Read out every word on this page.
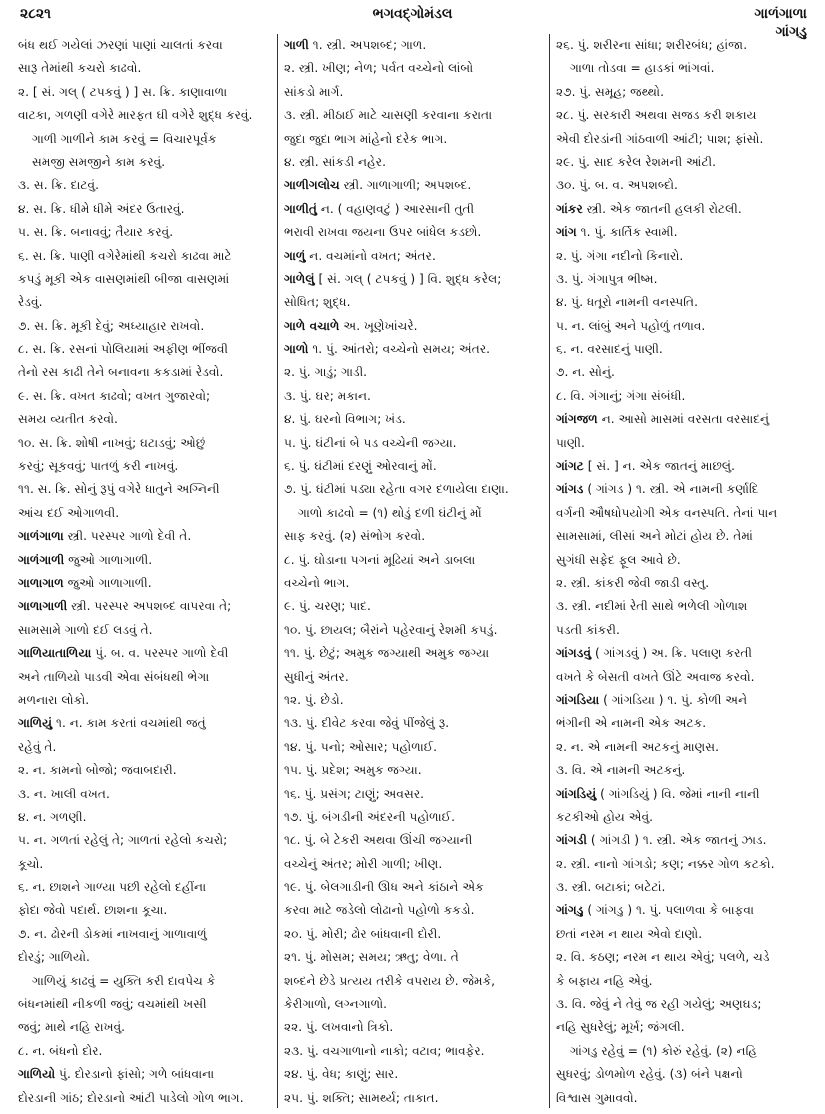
૨૮૨૧	ભગવદ્ગોમંડલ	ગાળંગાળા
ગાંગડુ
બંધ થઈ ગયેલાં ઝરણાં પાણાં ચાલતાં કરવા
સારૂ તેમાંથી કચરો કાઢવો.
૨. [ સં. ગલ્ ( ટપકવું ) ] સ. ક્રિ. કાણાવાળા
વાટકા, ગળણી વગેરે મારફત ઘી વગેરે શુદ્ધ કરવું.
ગાળી ગાળીને કામ કરવું = વિચારપૂર્વક
સમજી સમજીને કામ કરવું.
૩. સ. ક્રિ. દાટવું.
૪. સ. ક્રિ. ધીમે ધીમે અંદર ઉતારવું.
૫. સ. ક્રિ. બનાવવું; તૈયાર કરવું.
૬. સ. ક્રિ. પાણી વગેરેમાંથી કચરો કાઢવા માટે
કપડું મૂકી એક વાસણમાંથી બીજા વાસણમાં
રેડવું.
૭. સ. ક્રિ. મૂકી દેવું; અધ્યાહાર રાખવો.
૮. સ. ક્રિ. રસનાં પોલિયામાં અફીણ ભીંજવી
તેનો રસ કાઢી તેને બનાવના કકડામાં રેડવો.
૯. સ. ક્રિ. વખત કાઢવો; વખત ગુજારવો;
સમય વ્યતીત કરવો.
૧૦. સ. ક્રિ. શોષી નાખવું; ઘટાડવું; ઓછું
કરવું; સૂકવવું; પાતળું કરી નાખવું.
૧૧. સ. ક્રિ. સોનું રૂપું વગેરે ધાતુને અગ્નિની
આંચ દઈ ઓગાળવી.
ગાળંગાળા સ્ત્રી. પરસ્પર ગાળો દેવી તે.
ગાળંગાળી જુઓ ગાળાગાળી.
ગાળાગાળ જુઓ ગાળાગાળી.
ગાળાગાળી સ્ત્રી. પરસ્પર અપશબ્દ વાપરવા તે;
સામસામે ગાળો દઈ લડવું તે.
ગાળિયાતાળિયા પું. બ. વ. પરસ્પર ગાળો દેવી
અને તાળિયો પાડવી એવા સંબંધથી ભેગા
મળનારા લોકો.
ગાળિયું ૧. ન. કામ કરતાં વચમાંથી જતું
રહેવું તે.
૨. ન. કામનો બોજો; જવાબદારી.
૩. ન. ખાલી વખત.
૪. ન. ગળણી.
૫. ન. ગળતાં રહેલું તે; ગાળતાં રહેલો કચરો;
કૂચો.
૬. ન. છાશને ગાળ્યા પછી રહેલો દહીંના
ફોદા જેવો પદાર્થ. છાશના કૂચા.
૭. ન. ઢોરની ડોકમાં નાખવાનું ગાળાવાળું
દોરડું; ગાળિયો.
ગાળિયું કાઢવું = યુક્તિ કરી દાવપેચ કે
બંધનમાંથી નીકળી જવું; વચમાંથી ખસી
જવું; માથે નહિ રાખવું.
૮. ન. બંધનો દોર.
ગાળિયો પું. દોરડાનો ફાંસો; ગળે બાંધવાના
દોરડાની ગાંઠ; દોરડાનો આંટી પાડેલો ગોળ ભાગ.
ગાળી ૧. સ્ત્રી. અપશબ્દ; ગાળ.
૨. સ્ત્રી. ખીણ; નેળ; પર્વત વચ્ચેનો લાંબો
સાંકડો માર્ગ.
૩. સ્ત્રી. મીઠાઈ માટે ચાસણી કરવાના કરાતા
જુદા જુદા ભાગ માંહેનો દરેક ભાગ.
૪. સ્ત્રી. સાંકડી નહેર.
ગાળીગલોચ સ્ત્રી. ગાળાગાળી; અપશબ્દ.
ગાળીતું ન. ( વહાણવટું ) આરસાની તુતી
ભરાવી રાખવા જયના ઉપર બાંધેલ કડછો.
ગાળું ન. વચમાંનો વખત; અંતર.
ગાળેલું [ સં. ગલ્ ( ટપકવું ) ] વિ. શુદ્ધ કરેલ;
સોધિત; શુદ્ધ.
ગાળે વચાળે અ. ખૂણેખાંચરે.
ગાળો ૧. પું. આંતરો; વચ્ચેનો સમય; અંતર.
૨. પું. ગાડું; ગાડી.
૩. પું. ઘર; મકાન.
૪. પું. ઘરનો વિભાગ; ખંડ.
૫. પું. ઘંટીનાં બે પડ વચ્ચેની જગ્યા.
૬. પું. ઘંટીમાં દરણું ઓરવાનું મોં.
૭. પું. ઘંટીમાં પડ્યા રહેતા વગર દળાયેલા દાણા.
ગાળો કાઢવો = (૧) થોડું દળી ઘંટીનું મોં
સાફ કરવું. (૨) સંભોગ કરવો.
૮. પું. ઘોડાના પગનાં મૂઢિયાં અને ડાબલા
વચ્ચેનો ભાગ.
૯. પું. ચરણ; પાદ.
૧૦. પું. છાયલ; બૈરાંને પહેરવાનું રેશમી કપડું.
૧૧. પું. છેટું; અમુક જગ્યાથી અમુક જગ્યા
સુધીનું અંતર.
૧૨. પું. છેડો.
૧૩. પું. દીવેટ કરવા જેવું પીંજેલું રૂ.
૧૪. પું. પનો; ઓસાર; પહોળાઈ.
૧૫. પું. પ્રદેશ; અમુક જગ્યા.
૧૬. પું. પ્રસંગ; ટાણું; અવસર.
૧૭. પું. બંગડીની અંદરની પહોળાઈ.
૧૮. પું. બે ટેકરી અથવા ઊંચી જગ્યાની
વચ્ચેનું અંતર; મોરી ગાળી; ખીણ.
૧૯. પું. બેલગાડીની ઊધ અને કાંઠાને એક
કરવા માટે જડેલો લોઢાનો પહોળો કકડો.
૨૦. પું. મોરી; ઢોર બાંધવાની દોરી.
૨૧. પું. મોસમ; સમય; ઋતુ; વેળા. તે
શબ્દને છેડે પ્રત્યય તરીકે વપરાય છે. જેમકે,
કેરીગાળો, લગ્નગાળો.
૨૨. પું. લખવાનો ત્રિકો.
૨૩. પું. વચગાળાનો નાકો; વટાવ; ભાવફેર.
૨૪. પું. વેધ; કાણું; સાર.
૨૫. પું. શક્તિ; સામર્થ્ય; તાકાત.
૨૬. પું. શરીરના સાંધા; શરીરબંધ; હાંજા.
ગાળા તોડવા = હાડકાં ભાંગવાં.
૨૭. પું. સમૂહ; જથ્થો.
૨૮. પું. સરકારી અથવા સજડ કરી શકાય
એવી દોરડાંની ગાંઠવાળી આંટી; પાશ; ફાંસો.
૨૯. પું. સાદ કરેલ રેશમની આંટી.
૩૦. પું. બ. વ. અપશબ્દો.
ગાંકર સ્ત્રી. એક જાતની હલકી રોટલી.
ગાંગ ૧. પું. કાર્તિક સ્વામી.
૨. પું. ગંગા નદીનો કિનારો.
૩. પું. ગંગાપુત્ર ભીષ્મ.
૪. પું. ધતૂરો નામની વનસ્પતિ.
૫. ન. લાંબું અને પહોળું તળાવ.
૬. ન. વરસાદનું પાણી.
૭. ન. સોનું.
૮. વિ. ગંગાનું; ગંગા સંબંધી.
ગાંગજળ ન. આસો માસમાં વરસતા વરસાદનું
પાણી.
ગાંગટ [ સં. ] ન. એક જાતનું માછલું.
ગાંગડ ( ગાંગડ ) ૧. સ્ત્રી. એ નામની કર્ણાદિ
વર્ગની ઔષધોપયોગી એક વનસ્પતિ. તેનાં પાન
સામસામાં, લીસાં અને મોટાં હોય છે. તેમાં
સુગંધી સફેદ ફૂલ આવે છે.
૨. સ્ત્રી. કાંકરી જેવી જાડી વસ્તુ.
૩. સ્ત્રી. નદીમાં રેતી સાથે ભળેલી ગોળાશ
પડતી કાંકરી.
ગાંગડવું ( ગાંગડવું ) અ. ક્રિ. પલાણ કરતી
વખતે કે બેસતી વખતે ઊંટે અવાજ કરવો.
ગાંગડિયા ( ગાંગડિયા ) ૧. પું. કોળી અને
ભંગીની એ નામની એક અટક.
૨. ન. એ નામની અટકનું માણસ.
૩. વિ. એ નામની અટકનું.
ગાંગડિયું ( ગાંગડિયું ) વિ. જેમાં નાની નાની
કટકીઓ હોય એવું.
ગાંગડી ( ગાંગડી ) ૧. સ્ત્રી. એક જાતનું ઝાડ.
૨. સ્ત્રી. નાનો ગાંગડો; કણ; નક્કર ગોળ કટકો.
૩. સ્ત્રી. બટાકાં; બટેટાં.
ગાંગડુ ( ગાંગડુ ) ૧. પું. પલાળવા કે બાફવા
છતાં નરમ ન થાય એવો દાણો.
૨. વિ. કઠણ; નરમ ન થાય એવું; પલળે, ચડે
કે બફાય નહિ એવું.
૩. વિ. જેવું ને તેવું જ રહી ગયેલું; અણઘડ;
નહિ સુધરેલું; મૂર્ખ; જંગલી.
ગાંગડુ રહેવું = (૧) કોરું રહેવું. (૨) નહિ
સુધરવું; ડોળમોળ રહેવું. (૩) બંને પક્ષનો
વિશ્વાસ ગુમાવવો.
